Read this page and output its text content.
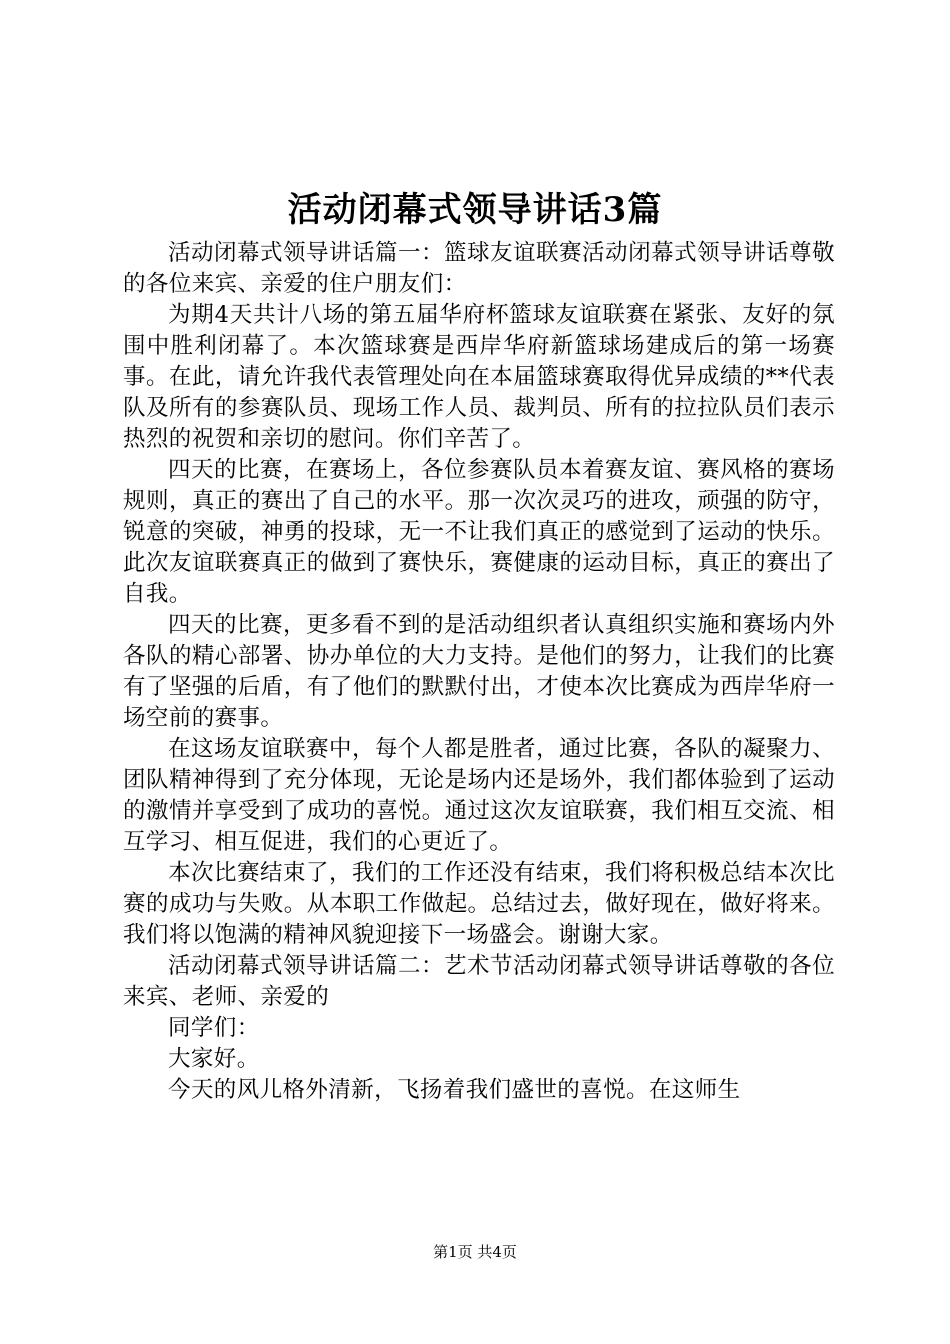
活动闭幕式领导讲话3篇

活动闭幕式领导讲话篇一：篮球友谊联赛活动闭幕式领导讲话尊敬的各位来宾、亲爱的住户朋友们：

为期4天共计八场的第五届华府杯篮球友谊联赛在紧张、友好的氛围中胜利闭幕了。本次篮球赛是西岸华府新篮球场建成后的第一场赛事。在此，请允许我代表管理处向在本届篮球赛取得优异成绩的**代表队及所有的参赛队员、现场工作人员、裁判员、所有的拉拉队员们表示热烈的祝贺和亲切的慰问。你们辛苦了。

四天的比赛，在赛场上，各位参赛队员本着赛友谊、赛风格的赛场规则，真正的赛出了自己的水平。那一次次灵巧的进攻，顽强的防守，锐意的突破，神勇的投球，无一不让我们真正的感觉到了运动的快乐。此次友谊联赛真正的做到了赛快乐，赛健康的运动目标，真正的赛出了自我。

四天的比赛，更多看不到的是活动组织者认真组织实施和赛场内外各队的精心部署、协办单位的大力支持。是他们的努力，让我们的比赛有了坚强的后盾，有了他们的默默付出，才使本次比赛成为西岸华府一场空前的赛事。

在这场友谊联赛中，每个人都是胜者，通过比赛，各队的凝聚力、团队精神得到了充分体现，无论是场内还是场外，我们都体验到了运动的激情并享受到了成功的喜悦。通过这次友谊联赛，我们相互交流、相互学习、相互促进，我们的心更近了。

本次比赛结束了，我们的工作还没有结束，我们将积极总结本次比赛的成功与失败。从本职工作做起。总结过去，做好现在，做好将来。我们将以饱满的精神风貌迎接下一场盛会。谢谢大家。

活动闭幕式领导讲话篇二：艺术节活动闭幕式领导讲话尊敬的各位来宾、老师、亲爱的

同学们：

大家好。

今天的风儿格外清新，飞扬着我们盛世的喜悦。在这师生

第1页 共4页
